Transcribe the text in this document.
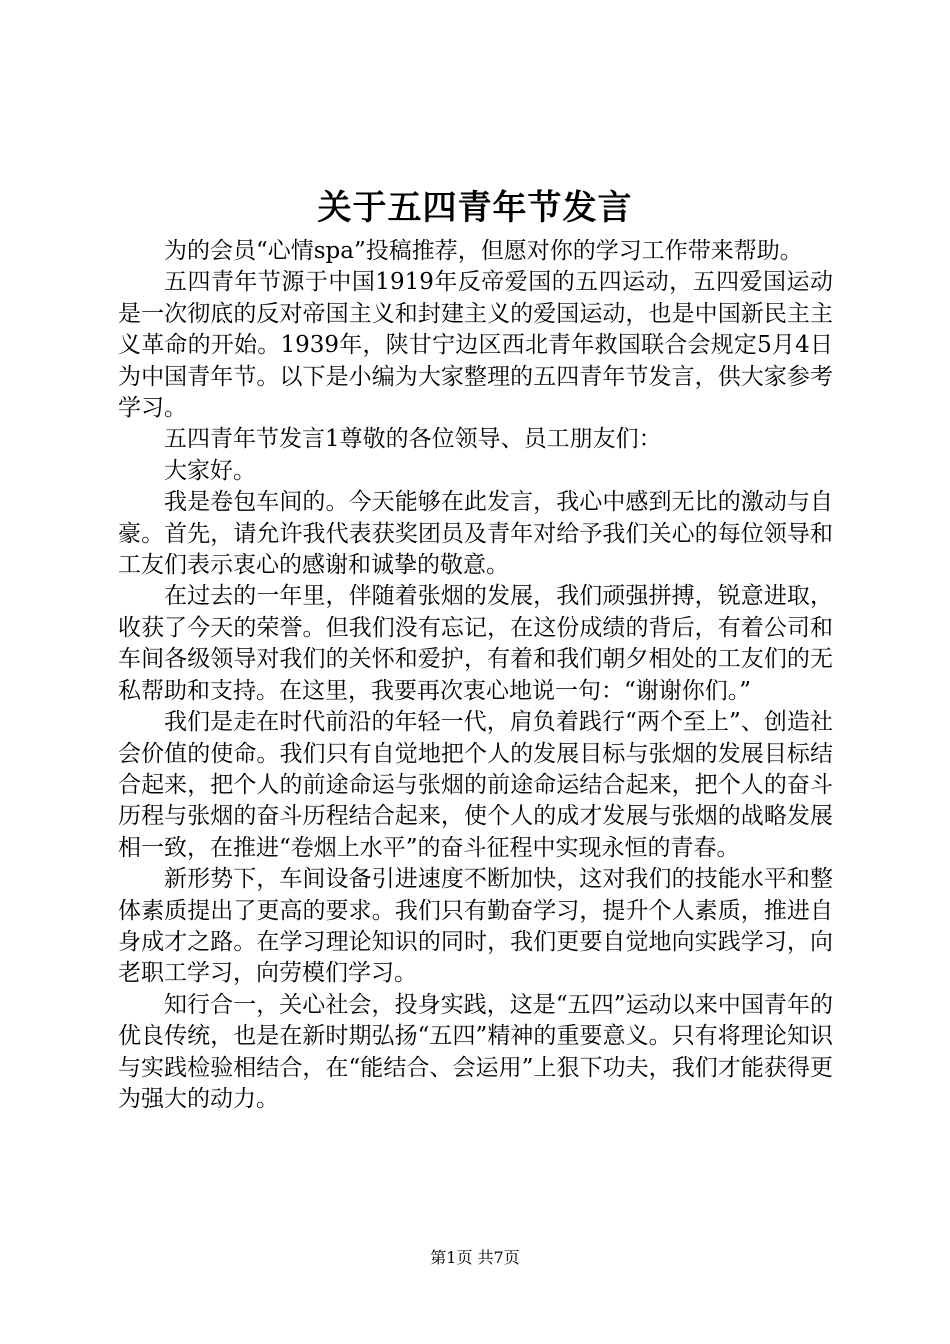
关于五四青年节发言

为的会员“心情spa”投稿推荐，但愿对你的学习工作带来帮助。

五四青年节源于中国1919年反帝爱国的五四运动，五四爱国运动是一次彻底的反对帝国主义和封建主义的爱国运动，也是中国新民主主义革命的开始。1939年，陕甘宁边区西北青年救国联合会规定5月4日为中国青年节。以下是小编为大家整理的五四青年节发言，供大家参考学习。

五四青年节发言1尊敬的各位领导、员工朋友们：

大家好。

我是卷包车间的。今天能够在此发言，我心中感到无比的激动与自豪。首先，请允许我代表获奖团员及青年对给予我们关心的每位领导和工友们表示衷心的感谢和诚挚的敬意。

在过去的一年里，伴随着张烟的发展，我们顽强拼搏，锐意进取，收获了今天的荣誉。但我们没有忘记，在这份成绩的背后，有着公司和车间各级领导对我们的关怀和爱护，有着和我们朝夕相处的工友们的无私帮助和支持。在这里，我要再次衷心地说一句：“谢谢你们。”

我们是走在时代前沿的年轻一代，肩负着践行“两个至上”、创造社会价值的使命。我们只有自觉地把个人的发展目标与张烟的发展目标结合起来，把个人的前途命运与张烟的前途命运结合起来，把个人的奋斗历程与张烟的奋斗历程结合起来，使个人的成才发展与张烟的战略发展相一致，在推进“卷烟上水平”的奋斗征程中实现永恒的青春。

新形势下，车间设备引进速度不断加快，这对我们的技能水平和整体素质提出了更高的要求。我们只有勤奋学习，提升个人素质，推进自身成才之路。在学习理论知识的同时，我们更要自觉地向实践学习，向老职工学习，向劳模们学习。

知行合一，关心社会，投身实践，这是“五四”运动以来中国青年的优良传统，也是在新时期弘扬“五四”精神的重要意义。只有将理论知识与实践检验相结合，在“能结合、会运用”上狠下功夫，我们才能获得更为强大的动力。

第1页 共7页
